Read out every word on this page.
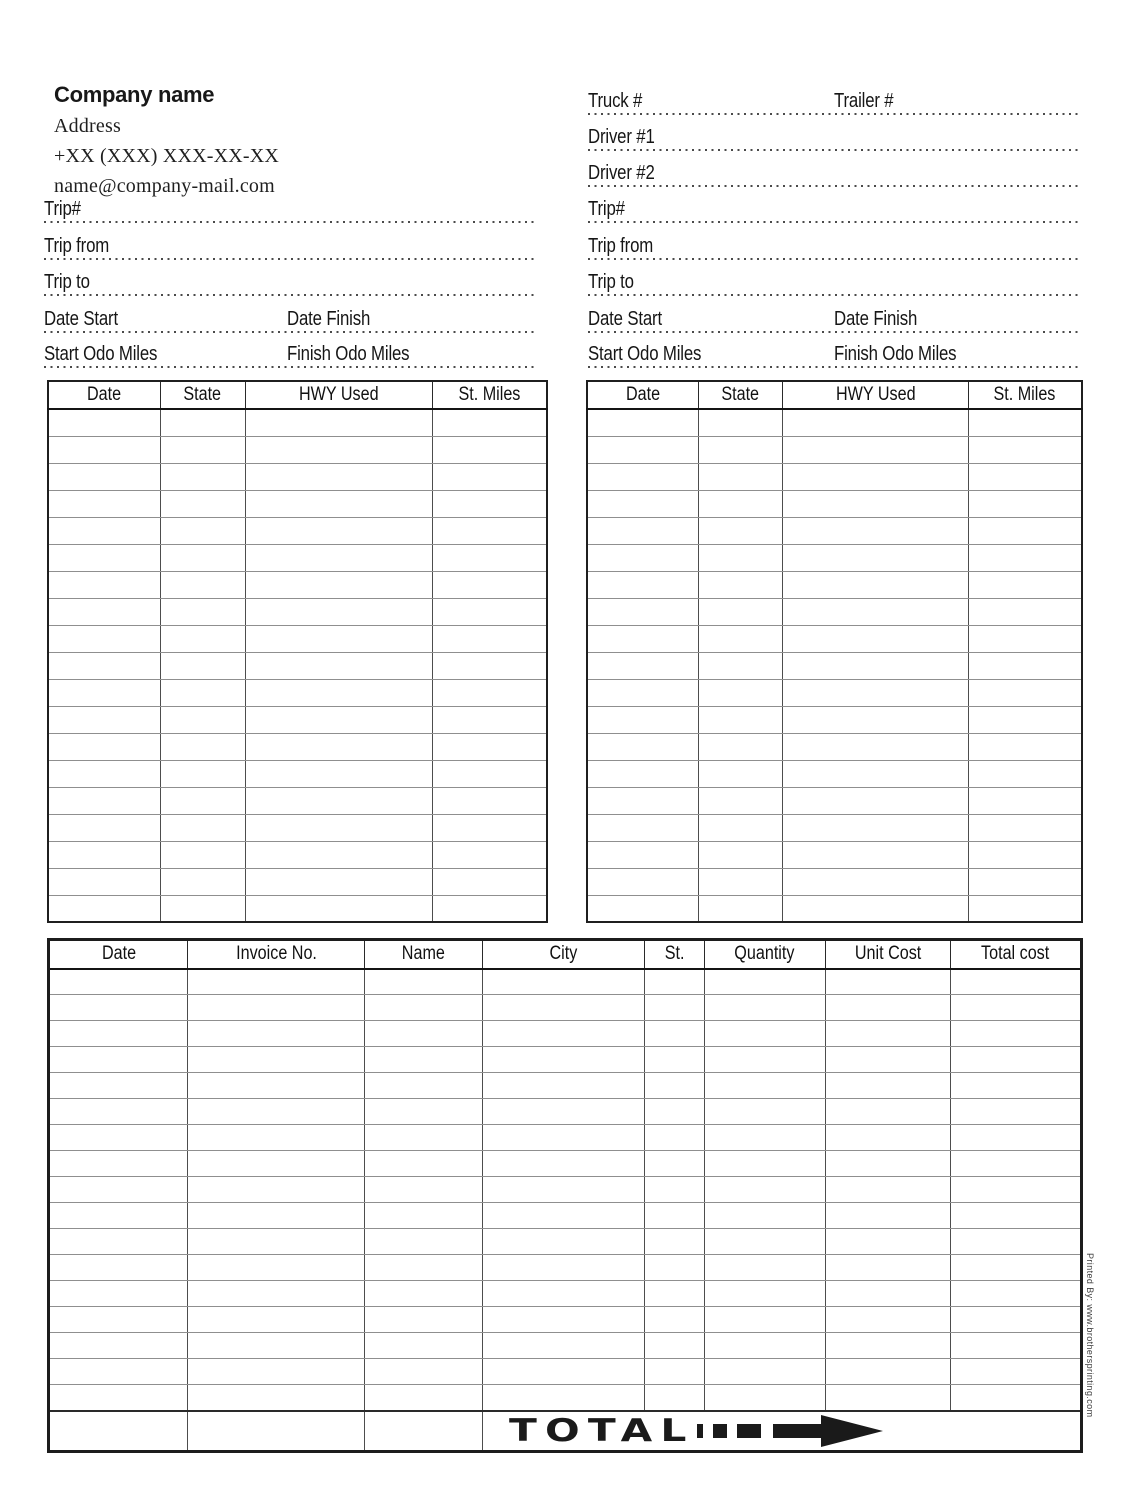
Company name
Address
+XX (XXX) XXX-XX-XX
name@company-mail.com
Trip#
Trip from
Trip to
Date Start	Date Finish
Start Odo Miles	Finish Odo Miles
Truck #	Trailer #
Driver #1
Driver #2
Trip#
Trip from
Trip to
Date Start	Date Finish
Start Odo Miles	Finish Odo Miles
Date	State	HWY Used	St. Miles

				Date	State	HWY Used	St. Miles

Date	Invoice No.	Name	City	St.	Quantity	Unit Cost	Total cost

			TOTAL				
Printed By: www.brothersprinting.com
